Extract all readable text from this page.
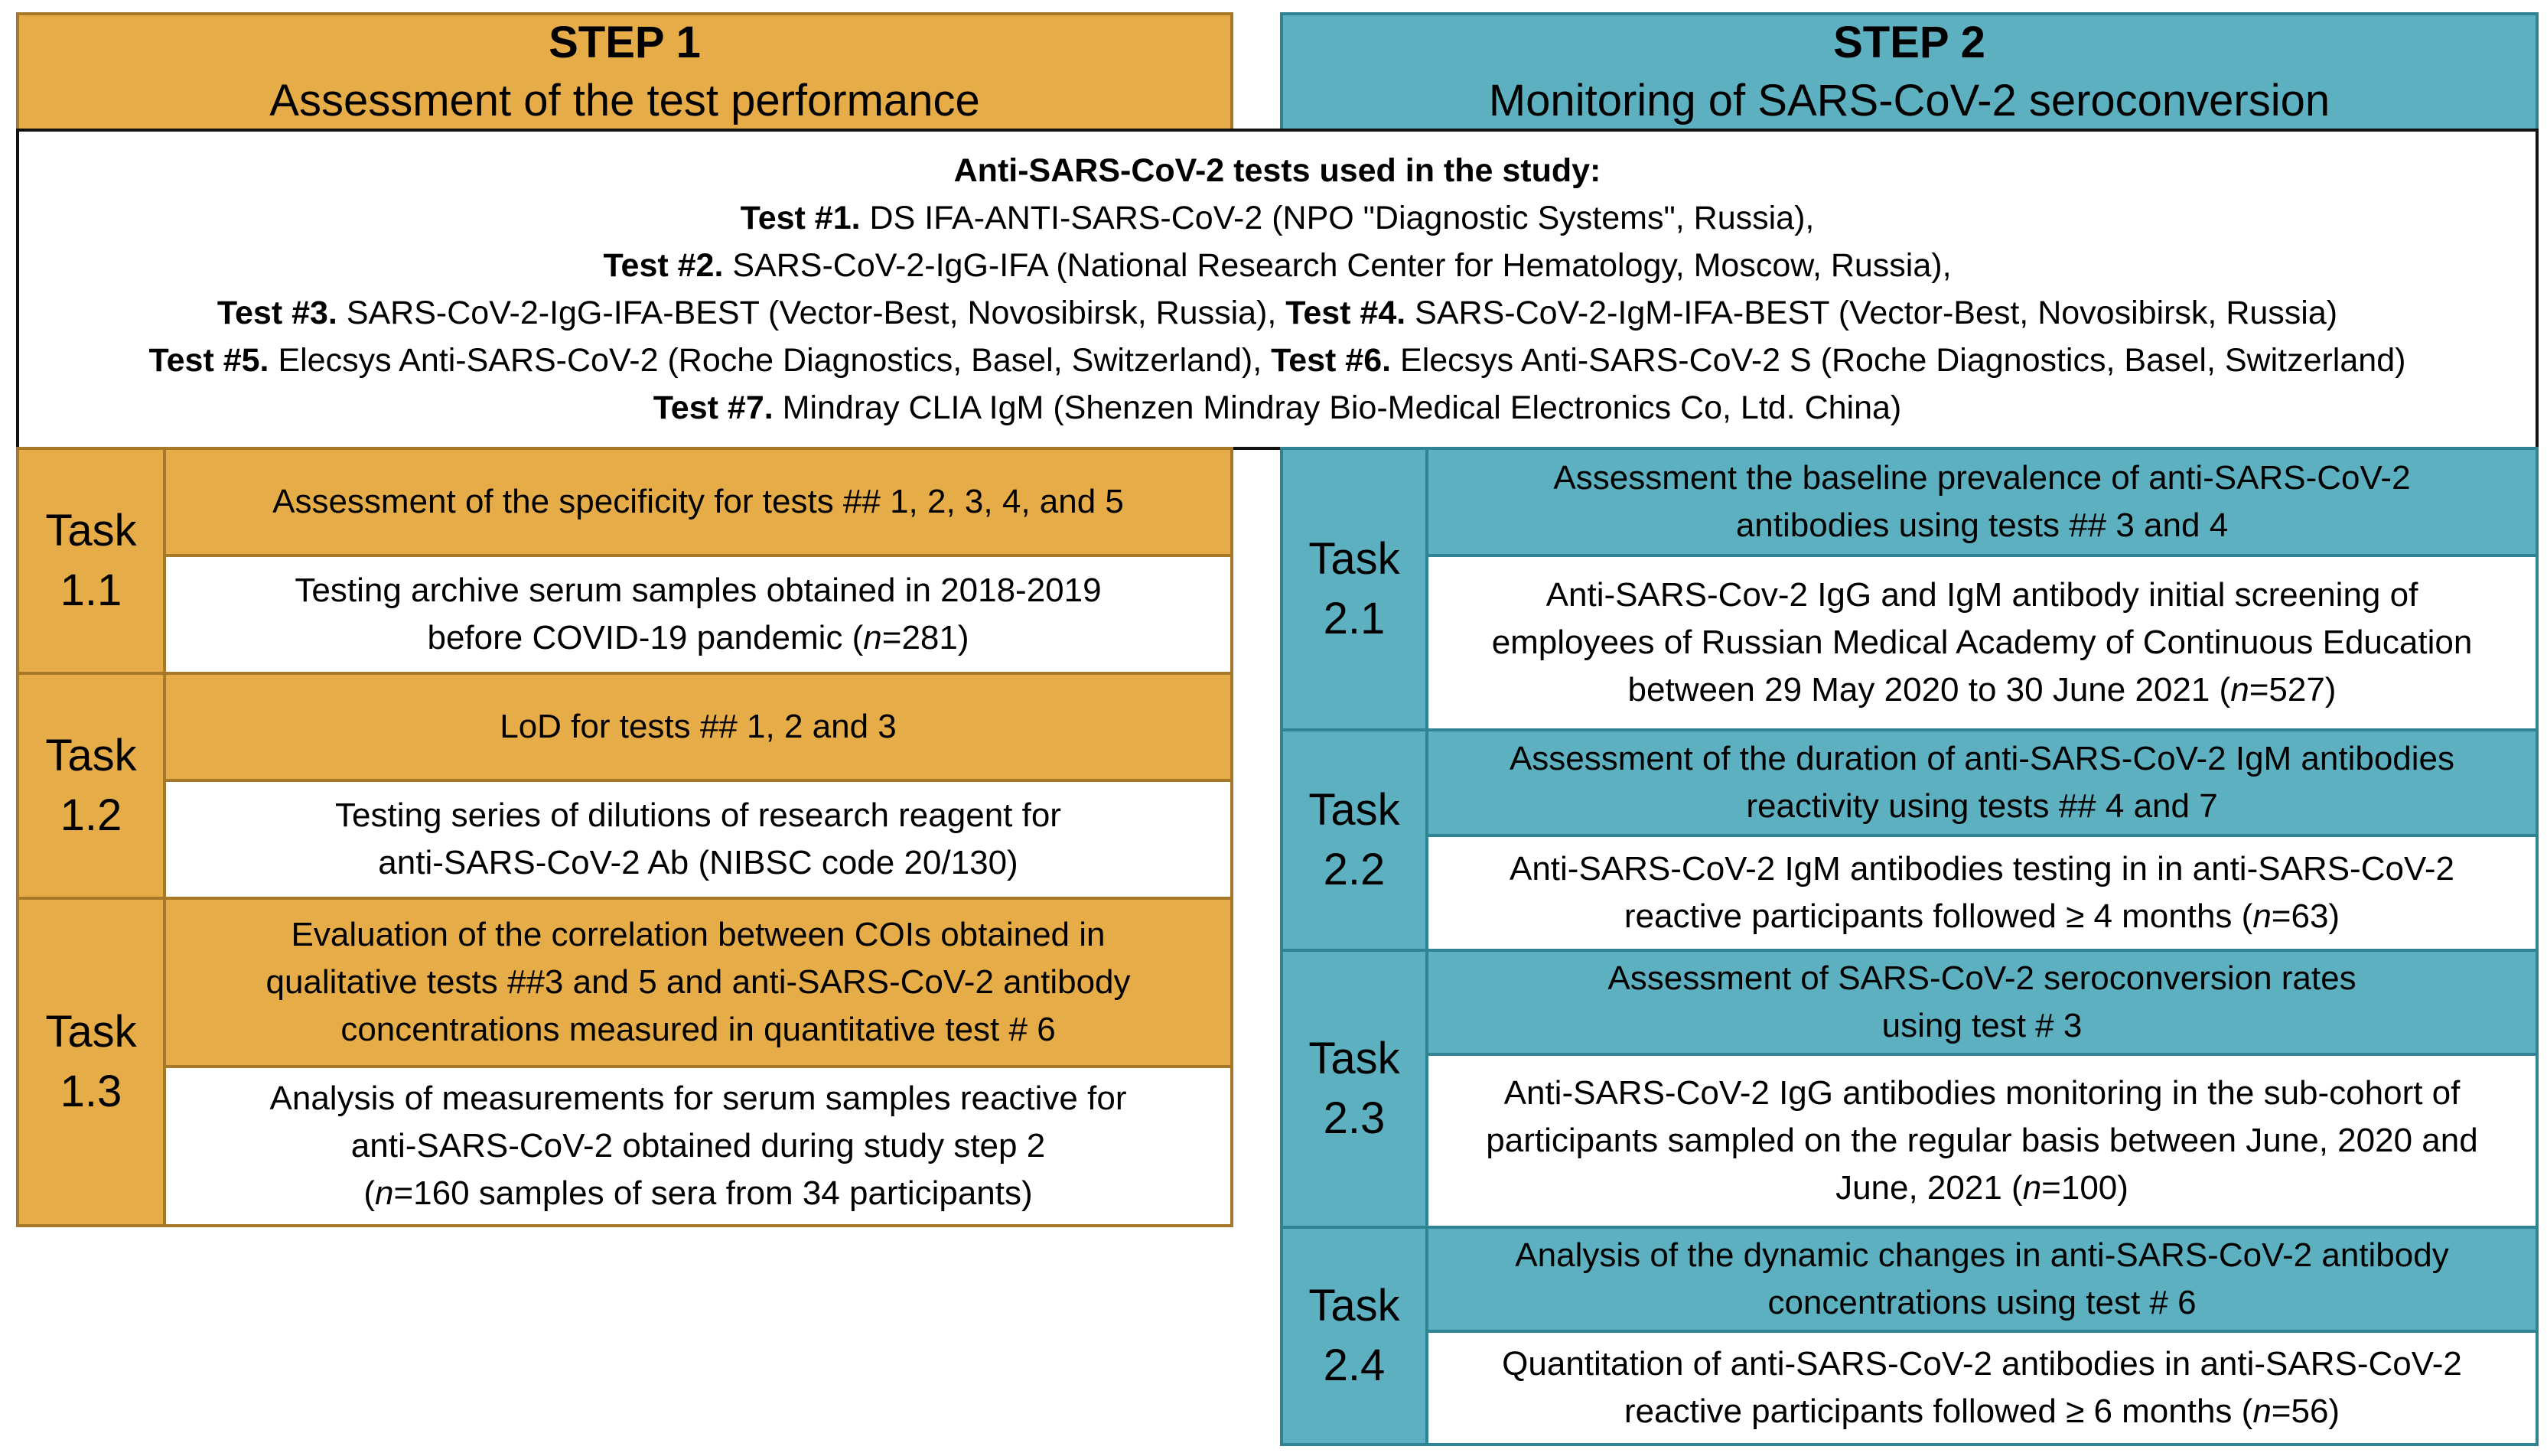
STEP 1
Assessment of the test performance
STEP 2
Monitoring of SARS-CoV-2 seroconversion
Anti-SARS-CoV-2 tests used in the study:
Test #1. DS IFA-ANTI-SARS-CoV-2 (NPO "Diagnostic Systems", Russia),
Test #2. SARS-CoV-2-IgG-IFA (National Research Center for Hematology, Moscow, Russia),
Test #3. SARS-CoV-2-IgG-IFA-BEST (Vector-Best, Novosibirsk, Russia), Test #4. SARS-CoV-2-IgM-IFA-BEST (Vector-Best, Novosibirsk, Russia)
Test #5. Elecsys Anti-SARS-CoV-2 (Roche Diagnostics, Basel, Switzerland), Test #6. Elecsys Anti-SARS-CoV-2 S (Roche Diagnostics, Basel, Switzerland)
Test #7. Mindray CLIA IgM (Shenzen Mindray Bio-Medical Electronics Co, Ltd. China)
Task
1.1
Assessment of the specificity for tests ## 1, 2, 3, 4, and 5
Testing archive serum samples obtained in 2018-2019
before COVID-19 pandemic (n=281)
Task
1.2
LoD for tests ## 1, 2 and 3
Testing series of dilutions of research reagent for
anti-SARS-CoV-2 Ab (NIBSC code 20/130)
Task
1.3
Evaluation of the correlation between COIs obtained in
qualitative tests ##3 and 5 and anti-SARS-CoV-2 antibody
concentrations measured in quantitative test # 6
Analysis of measurements for serum samples reactive for
anti-SARS-CoV-2 obtained during study step 2
(n=160 samples of sera from 34 participants)
Task
2.1
Assessment the baseline prevalence of anti-SARS-CoV-2
antibodies using tests ## 3 and 4
Anti-SARS-Cov-2 IgG and IgM antibody initial screening of
employees of Russian Medical Academy of Continuous Education
between 29 May 2020 to 30 June 2021 (n=527)
Task
2.2
Assessment of the duration of anti-SARS-CoV-2 IgM antibodies
reactivity using tests ## 4 and 7
Anti-SARS-CoV-2 IgM antibodies testing in in anti-SARS-CoV-2
reactive participants followed ≥ 4 months (n=63)
Task
2.3
Assessment of SARS-CoV-2 seroconversion rates
using test # 3
Anti-SARS-CoV-2 IgG antibodies monitoring in the sub-cohort of
participants sampled on the regular basis between June, 2020 and
June, 2021 (n=100)
Task
2.4
Analysis of the dynamic changes in anti-SARS-CoV-2 antibody
concentrations using test # 6
Quantitation of anti-SARS-CoV-2 antibodies in anti-SARS-CoV-2
reactive participants followed ≥ 6 months (n=56)
